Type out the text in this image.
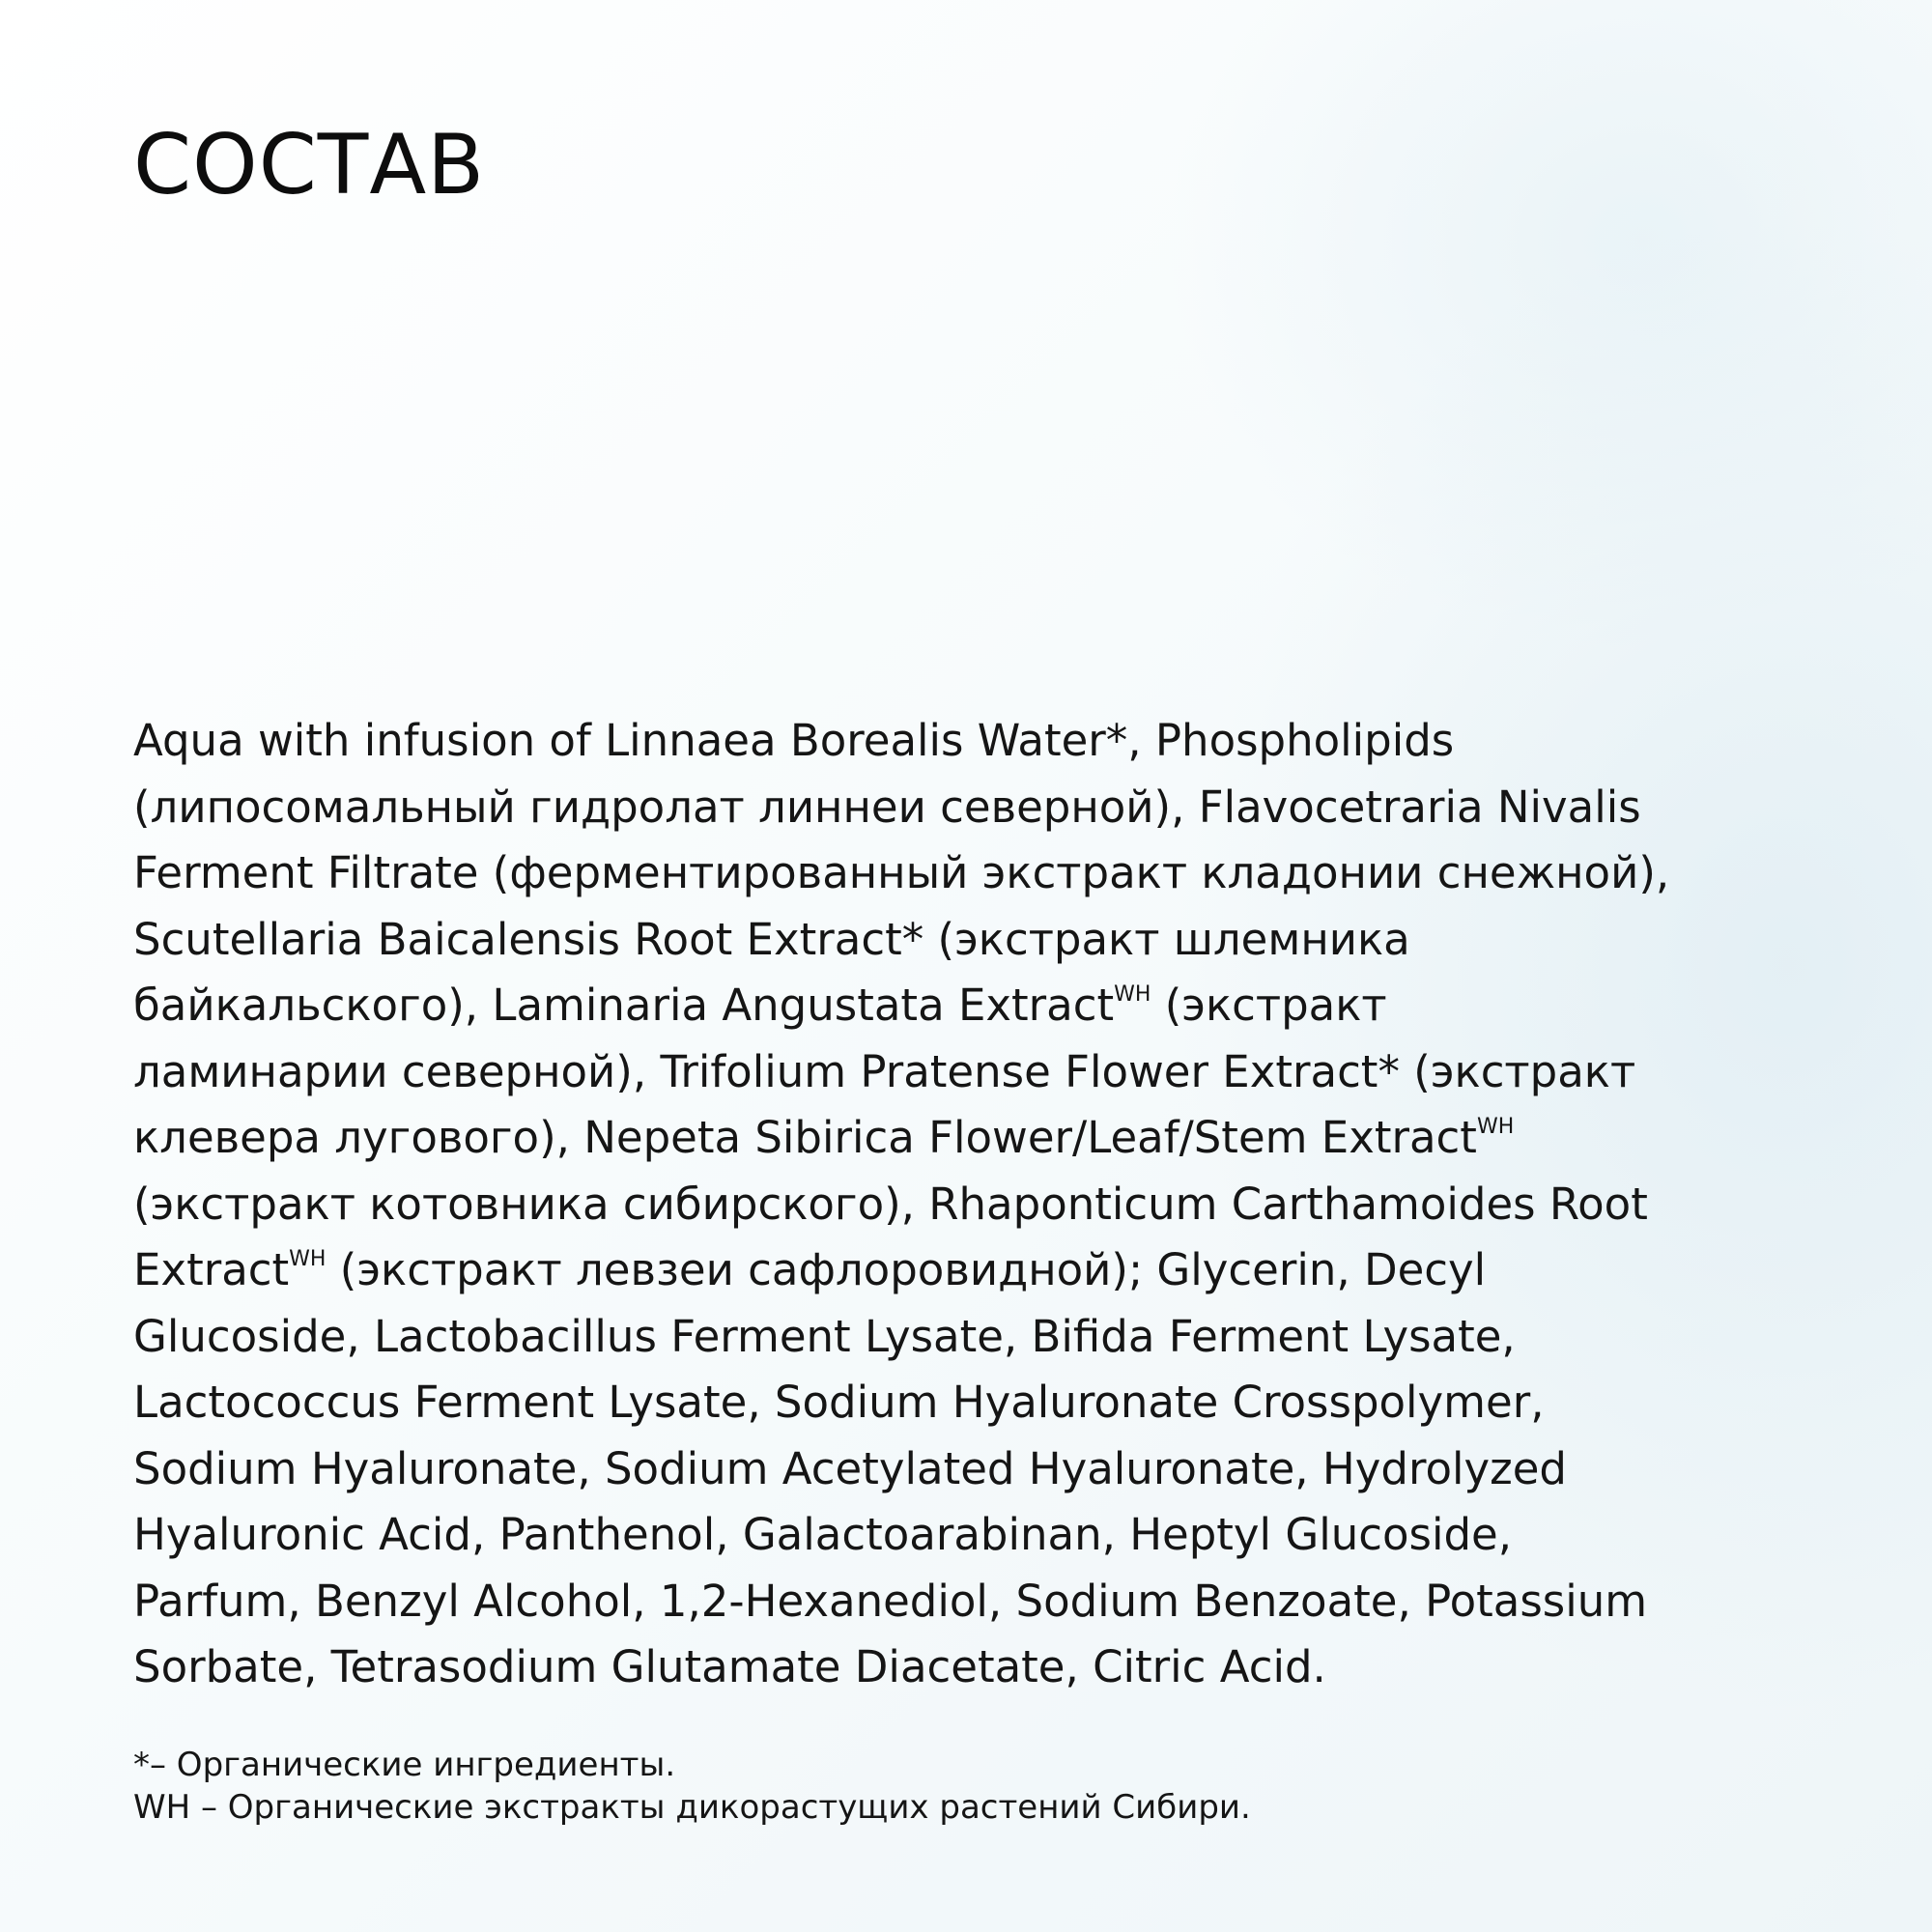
СОСТАВ
Aqua with infusion of Linnaea Borealis Water*, Phospholipids
(липосомальный гидролат линнеи северной), Flavocetraria Nivalis
Ferment Filtrate (ферментированный экстракт кладонии снежной),
Scutellaria Baicalensis Root Extract* (экстракт шлемника
байкальского), Laminaria Angustata Extract$^{WH}$ (экстракт
ламинарии северной), Trifolium Pratense Flower Extract* (экстракт
клевера лугового), Nepeta Sibirica Flower/Leaf/Stem Extract$^{WH}$
(экстракт котовника сибирского), Rhaponticum Carthamoides Root
Extract$^{WH}$ (экстракт левзеи сафлоровидной); Glycerin, Decyl
Glucoside, Lactobacillus Ferment Lysate, Bifida Ferment Lysate,
Lactococcus Ferment Lysate, Sodium Hyaluronate Crosspolymer,
Sodium Hyaluronate, Sodium Acetylated Hyaluronate, Hydrolyzed
Hyaluronic Acid, Panthenol, Galactoarabinan, Heptyl Glucoside,
Parfum, Benzyl Alcohol, 1,2-Hexanediol, Sodium Benzoate, Potassium
Sorbate, Tetrasodium Glutamate Diacetate, Citric Acid.
*– Органические ингредиенты.
WH – Органические экстракты дикорастущих растений Сибири.
